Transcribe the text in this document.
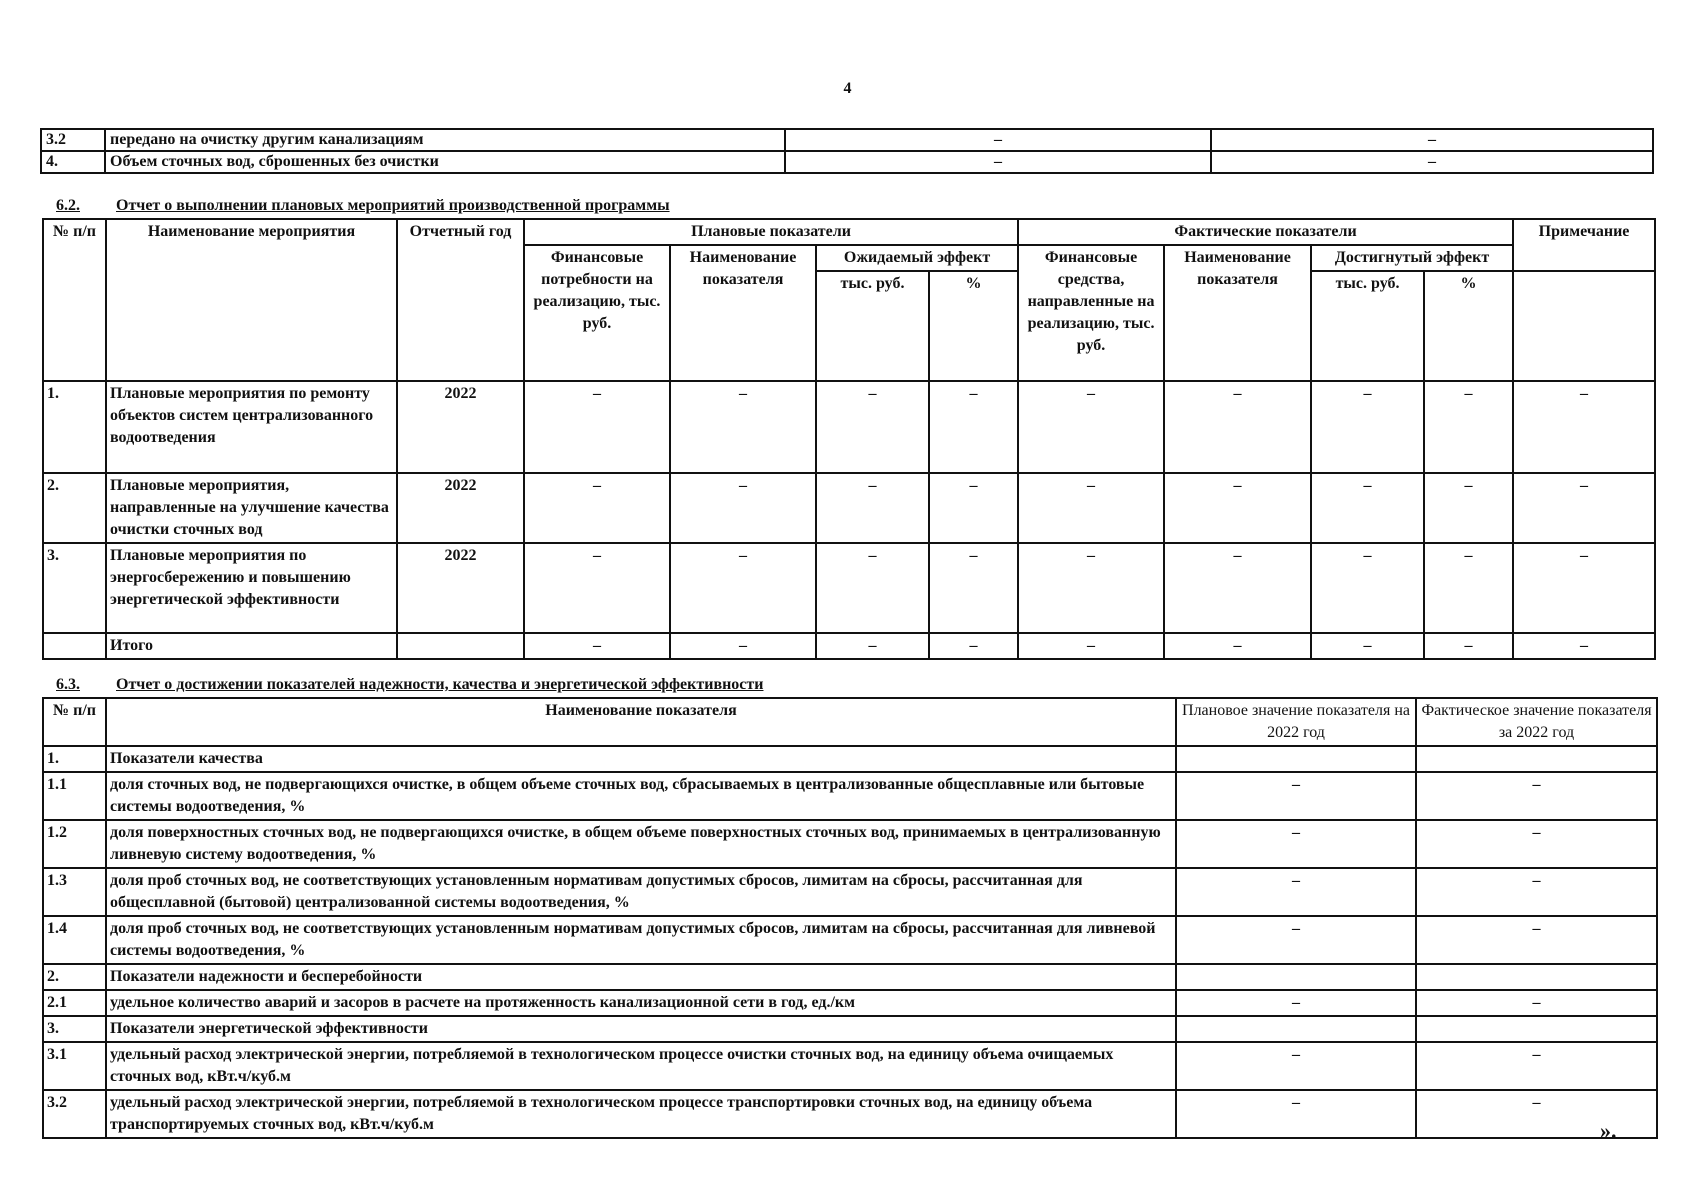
4
3.2	передано на очистку другим канализациям	–	–
4.	Объем сточных вод, сброшенных без очистки	–	–
6.2. Отчет о выполнении плановых мероприятий производственной программы
№ п/п	Наименование мероприятия	Отчетный год	Плановые показатели				Фактические показатели				Примечание
			Финансовые потребности на реализацию, тыс. руб.	Наименование показателя	Ожидаемый эффект		Финансовые средства, направленные на реализацию, тыс. руб.	Наименование показателя	Достигнутый эффект		
					тыс. руб.	%			тыс. руб.	%	
1.	Плановые мероприятия по ремонту объектов систем централизованного водоотведения	2022	–	–	–	–	–	–	–	–	–
2.	Плановые мероприятия, направленные на улучшение качества очистки сточных вод	2022	–	–	–	–	–	–	–	–	–
3.	Плановые мероприятия по энергосбережению и повышению энергетической эффективности	2022	–	–	–	–	–	–	–	–	–
	Итого		–	–	–	–	–	–	–	–	–
6.3. Отчет о достижении показателей надежности, качества и энергетической эффективности
№ п/п	Наименование показателя	Плановое значение показателя на 2022 год	Фактическое значение показателя за 2022 год
1.	Показатели качества		
1.1	доля сточных вод, не подвергающихся очистке, в общем объеме сточных вод, сбрасываемых в централизованные общесплавные или бытовые системы водоотведения, %	–	–
1.2	доля поверхностных сточных вод, не подвергающихся очистке, в общем объеме поверхностных сточных вод, принимаемых в централизованную ливневую систему водоотведения, %	–	–
1.3	доля проб сточных вод, не соответствующих установленным нормативам допустимых сбросов, лимитам на сбросы, рассчитанная для общесплавной (бытовой) централизованной системы водоотведения, %	–	–
1.4	доля проб сточных вод, не соответствующих установленным нормативам допустимых сбросов, лимитам на сбросы, рассчитанная для ливневой системы водоотведения, %	–	–
2.	Показатели надежности и бесперебойности		
2.1	удельное количество аварий и засоров в расчете на протяженность канализационной сети в год, ед./км	–	–
3.	Показатели энергетической эффективности		
3.1	удельный расход электрической энергии, потребляемой в технологическом процессе очистки сточных вод, на единицу объема очищаемых сточных вод, кВт.ч/куб.м	–	–
3.2	удельный расход электрической энергии, потребляемой в технологическом процессе транспортировки сточных вод, на единицу объема транспортируемых сточных вод, кВт.ч/куб.м	–	–
».
